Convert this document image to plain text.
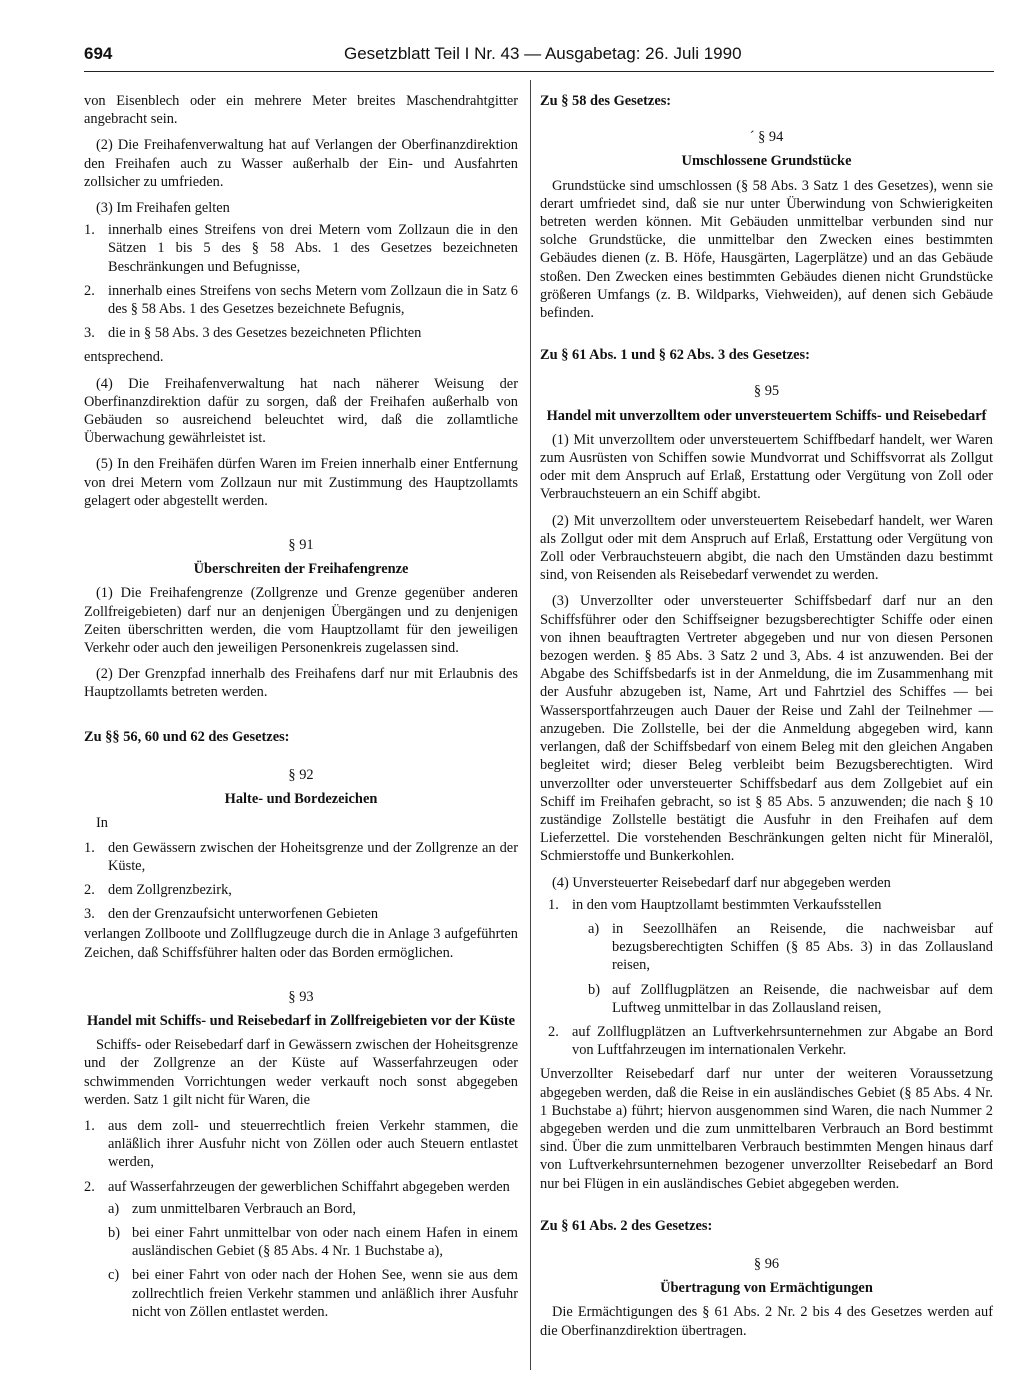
694	Gesetzblatt Teil I Nr. 43 — Ausgabetag: 26. Juli 1990

von Eisenblech oder ein mehrere Meter breites Maschendrahtgitter angebracht sein.

(2) Die Freihafenverwaltung hat auf Verlangen der Oberfinanzdirektion den Freihafen auch zu Wasser außerhalb der Ein- und Ausfahrten zollsicher zu umfrieden.

(3) Im Freihafen gelten

1. innerhalb eines Streifens von drei Metern vom Zollzaun die in den Sätzen 1 bis 5 des § 58 Abs. 1 des Gesetzes bezeichneten Beschränkungen und Befugnisse,
2. innerhalb eines Streifens von sechs Metern vom Zollzaun die in Satz 6 des § 58 Abs. 1 des Gesetzes bezeichnete Befugnis,
3. die in § 58 Abs. 3 des Gesetzes bezeichneten Pflichten

entsprechend.

(4) Die Freihafenverwaltung hat nach näherer Weisung der Oberfinanzdirektion dafür zu sorgen, daß der Freihafen außerhalb von Gebäuden so ausreichend beleuchtet wird, daß die zollamtliche Überwachung gewährleistet ist.

(5) In den Freihäfen dürfen Waren im Freien innerhalb einer Entfernung von drei Metern vom Zollzaun nur mit Zustimmung des Hauptzollamts gelagert oder abgestellt werden.

§ 91
Überschreiten der Freihafengrenze

(1) Die Freihafengrenze (Zollgrenze und Grenze gegenüber anderen Zollfreigebieten) darf nur an denjenigen Übergängen und zu denjenigen Zeiten überschritten werden, die vom Hauptzollamt für den jeweiligen Verkehr oder auch den jeweiligen Personenkreis zugelassen sind.

(2) Der Grenzpfad innerhalb des Freihafens darf nur mit Erlaubnis des Hauptzollamts betreten werden.

Zu §§ 56, 60 und 62 des Gesetzes:
§ 92
Halte- und Bordezeichen
In
1. den Gewässern zwischen der Hoheitsgrenze und der Zollgrenze an der Küste,
2. dem Zollgrenzbezirk,
3. den der Grenzaufsicht unterworfenen Gebieten

verlangen Zollboote und Zollflugzeuge durch die in Anlage 3 aufgeführten Zeichen, daß Schiffsführer halten oder das Borden ermöglichen.

§ 93
Handel mit Schiffs- und Reisebedarf in Zollfreigebieten vor der Küste

Schiffs- oder Reisebedarf darf in Gewässern zwischen der Hoheitsgrenze und der Zollgrenze an der Küste auf Wasserfahrzeugen oder schwimmenden Vorrichtungen weder verkauft noch sonst abgegeben werden. Satz 1 gilt nicht für Waren, die

1. aus dem zoll- und steuerrechtlich freien Verkehr stammen, die anläßlich ihrer Ausfuhr nicht von Zöllen oder auch Steuern entlastet werden,
2. auf Wasserfahrzeugen der gewerblichen Schiffahrt abgegeben werden
a) zum unmittelbaren Verbrauch an Bord,
b) bei einer Fahrt unmittelbar von oder nach einem Hafen in einem ausländischen Gebiet (§ 85 Abs. 4 Nr. 1 Buchstabe a),
c) bei einer Fahrt von oder nach der Hohen See, wenn sie aus dem zollrechtlich freien Verkehr stammen und anläßlich ihrer Ausfuhr nicht von Zöllen entlastet werden.
Zu § 58 des Gesetzes:
´ § 94
Umschlossene Grundstücke

Grundstücke sind umschlossen (§ 58 Abs. 3 Satz 1 des Gesetzes), wenn sie derart umfriedet sind, daß sie nur unter Überwindung von Schwierigkeiten betreten werden können. Mit Gebäuden unmittelbar verbunden sind nur solche Grundstücke, die unmittelbar den Zwecken eines bestimmten Gebäudes dienen (z. B. Höfe, Hausgärten, Lagerplätze) und an das Gebäude stoßen. Den Zwecken eines bestimmten Gebäudes dienen nicht Grundstücke größeren Umfangs (z. B. Wildparks, Viehweiden), auf denen sich Gebäude befinden.

Zu § 61 Abs. 1 und § 62 Abs. 3 des Gesetzes:
§ 95
Handel mit unverzolltem oder unversteuertem Schiffs- und Reisebedarf

(1) Mit unverzolltem oder unversteuertem Schiffbedarf handelt, wer Waren zum Ausrüsten von Schiffen sowie Mundvorrat und Schiffsvorrat als Zollgut oder mit dem Anspruch auf Erlaß, Erstattung oder Vergütung von Zoll oder Verbrauchsteuern an ein Schiff abgibt.

(2) Mit unverzolltem oder unversteuertem Reisebedarf handelt, wer Waren als Zollgut oder mit dem Anspruch auf Erlaß, Erstattung oder Vergütung von Zoll oder Verbrauchsteuern abgibt, die nach den Umständen dazu bestimmt sind, von Reisenden als Reisebedarf verwendet zu werden.

(3) Unverzollter oder unversteuerter Schiffsbedarf darf nur an den Schiffsführer oder den Schiffseigner bezugsberechtigter Schiffe oder einen von ihnen beauftragten Vertreter abgegeben und nur von diesen Personen bezogen werden. § 85 Abs. 3 Satz 2 und 3, Abs. 4 ist anzuwenden. Bei der Abgabe des Schiffsbedarfs ist in der Anmeldung, die im Zusammenhang mit der Ausfuhr abzugeben ist, Name, Art und Fahrtziel des Schiffes — bei Wassersportfahrzeugen auch Dauer der Reise und Zahl der Teilnehmer — anzugeben. Die Zollstelle, bei der die Anmeldung abgegeben wird, kann verlangen, daß der Schiffsbedarf von einem Beleg mit den gleichen Angaben begleitet wird; dieser Beleg verbleibt beim Bezugsberechtigten. Wird unverzollter oder unversteuerter Schiffsbedarf aus dem Zollgebiet auf ein Schiff im Freihafen gebracht, so ist § 85 Abs. 5 anzuwenden; die nach § 10 zuständige Zollstelle bestätigt die Ausfuhr in den Freihafen auf dem Lieferzettel. Die vorstehenden Beschränkungen gelten nicht für Mineralöl, Schmierstoffe und Bunkerkohlen.

(4) Unversteuerter Reisebedarf darf nur abgegeben werden

1. in den vom Hauptzollamt bestimmten Verkaufsstellen
a) in Seezollhäfen an Reisende, die nachweisbar auf bezugsberechtigten Schiffen (§ 85 Abs. 3) in das Zollausland reisen,
b) auf Zollflugplätzen an Reisende, die nachweisbar auf dem Luftweg unmittelbar in das Zollausland reisen,
2. auf Zollflugplätzen an Luftverkehrsunternehmen zur Abgabe an Bord von Luftfahrzeugen im internationalen Verkehr.

Unverzollter Reisebedarf darf nur unter der weiteren Voraussetzung abgegeben werden, daß die Reise in ein ausländisches Gebiet (§ 85 Abs. 4 Nr. 1 Buchstabe a) führt; hiervon ausgenommen sind Waren, die nach Nummer 2 abgegeben werden und die zum unmittelbaren Verbrauch an Bord bestimmt sind. Über die zum unmittelbaren Verbrauch bestimmten Mengen hinaus darf von Luftverkehrsunternehmen bezogener unverzollter Reisebedarf an Bord nur bei Flügen in ein ausländisches Gebiet abgegeben werden.

Zu § 61 Abs. 2 des Gesetzes:
§ 96
Übertragung von Ermächtigungen

Die Ermächtigungen des § 61 Abs. 2 Nr. 2 bis 4 des Gesetzes werden auf die Oberfinanzdirektion übertragen.
